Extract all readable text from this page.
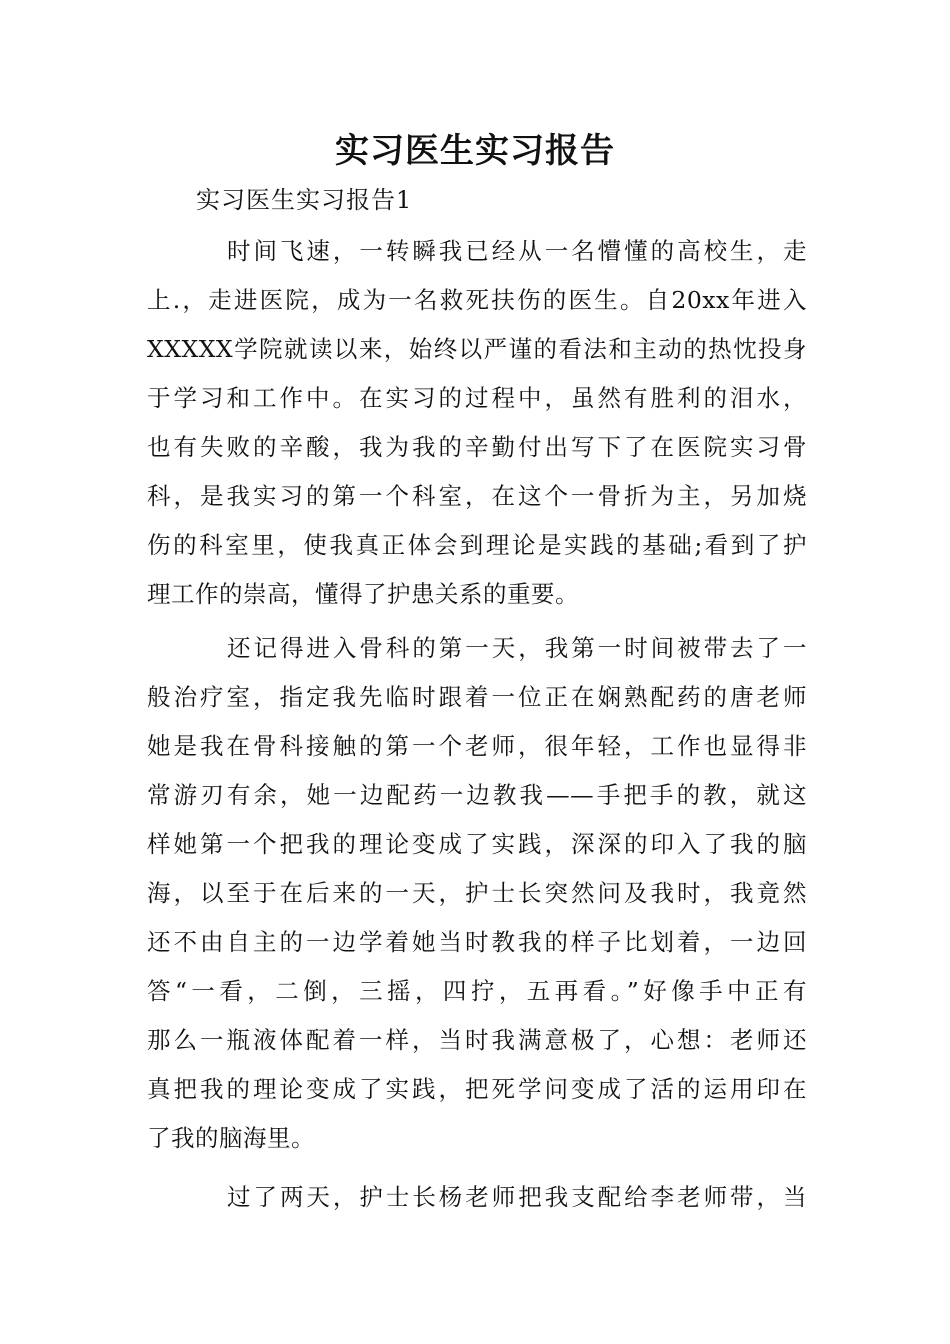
实习医生实习报告
实习医生实习报告1
时间飞速，一转瞬我已经从一名懵懂的高校生，走
上.，走进医院，成为一名救死扶伤的医生。自20xx年进入
XXXXX学院就读以来，始终以严谨的看法和主动的热忱投身
于学习和工作中。在实习的过程中，虽然有胜利的泪水，
也有失败的辛酸，我为我的辛勤付出写下了在医院实习骨
科，是我实习的第一个科室，在这个一骨折为主，另加烧
伤的科室里，使我真正体会到理论是实践的基础;看到了护
理工作的崇高，懂得了护患关系的重要。
还记得进入骨科的第一天，我第一时间被带去了一
般治疗室，指定我先临时跟着一位正在娴熟配药的唐老师
她是我在骨科接触的第一个老师，很年轻，工作也显得非
常游刃有余，她一边配药一边教我——手把手的教，就这
样她第一个把我的理论变成了实践，深深的印入了我的脑
海，以至于在后来的一天，护士长突然问及我时，我竟然
还不由自主的一边学着她当时教我的样子比划着，一边回
答“一看，二倒，三摇，四拧，五再看。”好像手中正有
那么一瓶液体配着一样，当时我满意极了，心想：老师还
真把我的理论变成了实践，把死学问变成了活的运用印在
了我的脑海里。
过了两天，护士长杨老师把我支配给李老师带，当
